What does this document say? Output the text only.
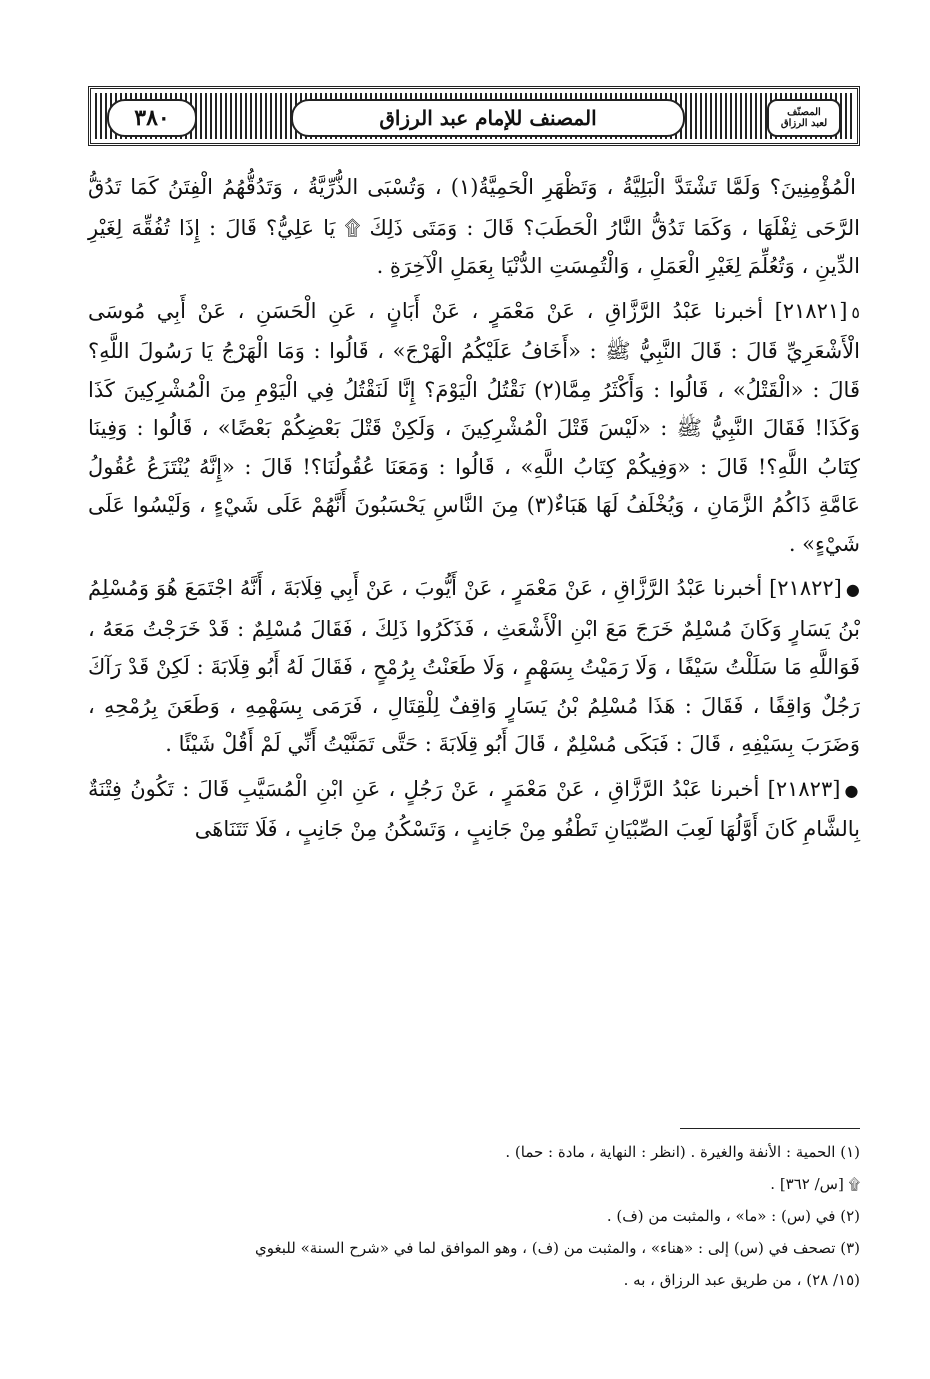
٣٨٠	المصنف للإمام عبد الرزاق	المصنّف
لعبد الرزاق

الْمُؤْمِنِينَ؟ وَلَمَّا تَشْتَدَّ الْبَلِيَّةُ ، وَتَظْهَرِ الْحَمِيَّةُ(١) ، وَتُسْبَى الذُّرِّيَّةُ ، وَتَدُقُّهُمُ الْفِتَنُ كَمَا تَدُقُّ الرَّحَى ثِفْلَهَا ، وَكَمَا تَدُقُّ النَّارُ الْحَطَبَ؟ قَالَ : وَمَتَى ذَلِكَ ۩ يَا عَلِيُّ؟ قَالَ : إِذَا تُفُقِّهَ لِغَيْرِ الدِّينِ ، وَتُعُلِّمَ لِغَيْرِ الْعَمَلِ ، وَالْتُمِسَتِ الدُّنْيَا بِعَمَلِ الْآخِرَةِ .

٥[٢١٨٢١] أخبرنا عَبْدُ الرَّزَّاقِ ، عَنْ مَعْمَرٍ ، عَنْ أَبَانٍ ، عَنِ الْحَسَنِ ، عَنْ أَبِي مُوسَى الْأَشْعَرِيِّ قَالَ : قَالَ النَّبِيُّ ﷺ : «أَخَافُ عَلَيْكُمُ الْهَرْجَ» ، قَالُوا : وَمَا الْهَرْجُ يَا رَسُولَ اللَّهِ؟ قَالَ : «الْقَتْلُ» ، قَالُوا : وَأَكْثَرُ مِمَّا(٢) نَقْتُلُ الْيَوْمَ؟ إِنَّا لَنَقْتُلُ فِي الْيَوْمِ مِنَ الْمُشْرِكِينَ كَذَا وَكَذَا! فَقَالَ النَّبِيُّ ﷺ : «لَيْسَ قَتْلَ الْمُشْرِكِينَ ، وَلَكِنْ قَتْلَ بَعْضِكُمْ بَعْضًا» ، قَالُوا : وَفِينَا كِتَابُ اللَّهِ؟! قَالَ : «وَفِيكُمْ كِتَابُ اللَّهِ» ، قَالُوا : وَمَعَنَا عُقُولُنَا؟! قَالَ : «إِنَّهُ يُنْتَزَعُ عُقُولُ عَامَّةِ ذَاكُمُ الزَّمَانِ ، وَيُخْلَفُ لَهَا هَبَاءٌ(٣) مِنَ النَّاسِ يَحْسَبُونَ أَنَّهُمْ عَلَى شَيْءٍ ، وَلَيْسُوا عَلَى شَيْءٍ» .

●[٢١٨٢٢] أخبرنا عَبْدُ الرَّزَّاقِ ، عَنْ مَعْمَرٍ ، عَنْ أَيُّوبَ ، عَنْ أَبِي قِلَابَةَ ، أَنَّهُ اجْتَمَعَ هُوَ وَمُسْلِمُ بْنُ يَسَارٍ وَكَانَ مُسْلِمٌ خَرَجَ مَعَ ابْنِ الْأَشْعَثِ ، فَذَكَرُوا ذَلِكَ ، فَقَالَ مُسْلِمٌ : قَدْ خَرَجْتُ مَعَهُ ، فَوَاللَّهِ مَا سَلَلْتُ سَيْفًا ، وَلَا رَمَيْتُ بِسَهْمٍ ، وَلَا طَعَنْتُ بِرُمْحٍ ، فَقَالَ لَهُ أَبُو قِلَابَةَ : لَكِنْ قَدْ رَآكَ رَجُلٌ وَاقِفًا ، فَقَالَ : هَذَا مُسْلِمُ بْنُ يَسَارٍ وَاقِفٌ لِلْقِتَالِ ، فَرَمَى بِسَهْمِهِ ، وَطَعَنَ بِرُمْحِهِ ، وَضَرَبَ بِسَيْفِهِ ، قَالَ : فَبَكَى مُسْلِمٌ ، قَالَ أَبُو قِلَابَةَ : حَتَّى تَمَنَّيْتُ أَنِّي لَمْ أَقُلْ شَيْئًا .

●[٢١٨٢٣] أخبرنا عَبْدُ الرَّزَّاقِ ، عَنْ مَعْمَرٍ ، عَنْ رَجُلٍ ، عَنِ ابْنِ الْمُسَيَّبِ قَالَ : تَكُونُ فِتْنَةٌ بِالشَّامِ كَانَ أَوَّلُهَا لَعِبَ الصِّبْيَانِ تَطْفُو مِنْ جَانِبٍ ، وَتَسْكُنُ مِنْ جَانِبٍ ، فَلَا تَتَنَاهَى

(١) الحمية : الأنفة والغيرة . (انظر : النهاية ، مادة : حما) .

۩ [س/ ٣٦٢] .

(٢) في (س) : «ما» ، والمثبت من (ف) .

(٣) تصحف في (س) إلى : «هناء» ، والمثبت من (ف) ، وهو الموافق لما في «شرح السنة» للبغوي

(١٥/ ٢٨) ، من طريق عبد الرزاق ، به .
